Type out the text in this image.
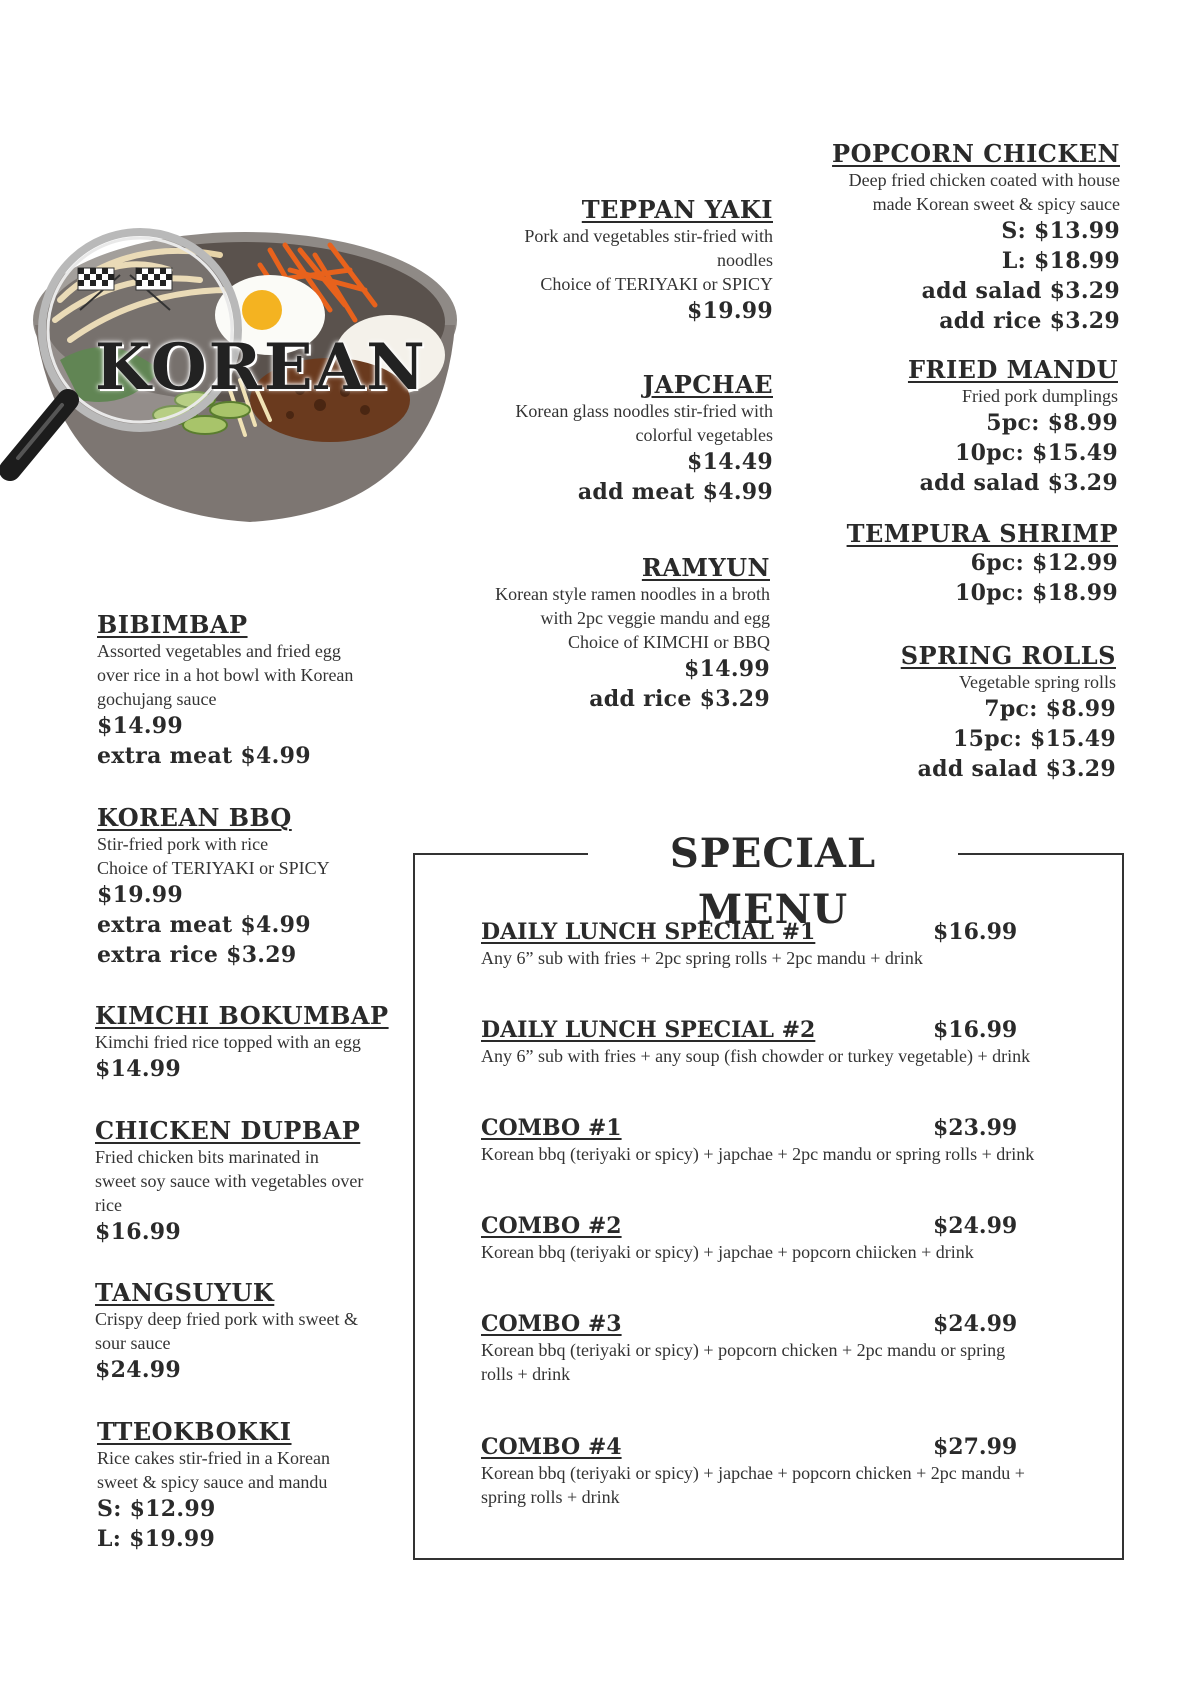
KOREAN
POPCORN CHICKEN
Deep fried chicken coated with house
made Korean sweet & spicy sauce
S: $13.99
L: $18.99
add salad $3.29
add rice $3.29
FRIED MANDU
Fried pork dumplings
5pc: $8.99
10pc: $15.49
add salad $3.29
TEMPURA SHRIMP
6pc: $12.99
10pc: $18.99
SPRING ROLLS
Vegetable spring rolls
7pc: $8.99
15pc: $15.49
add salad $3.29
TEPPAN YAKI
Pork and vegetables stir-fried with
noodles
Choice of TERIYAKI or SPICY
$19.99
JAPCHAE
Korean glass noodles stir-fried with
colorful vegetables
$14.49
add meat $4.99
RAMYUN
Korean style ramen noodles in a broth
with 2pc veggie mandu and egg
Choice of KIMCHI or BBQ
$14.99
add rice $3.29
BIBIMBAP
Assorted vegetables and fried egg
over rice in a hot bowl with Korean
gochujang sauce
$14.99
extra meat $4.99
KOREAN BBQ
Stir-fried pork with rice
Choice of TERIYAKI or SPICY
$19.99
extra meat $4.99
extra rice $3.29
KIMCHI BOKUMBAP
Kimchi fried rice topped with an egg
$14.99
CHICKEN DUPBAP
Fried chicken bits marinated in
sweet soy sauce with vegetables over
rice
$16.99
TANGSUYUK
Crispy deep fried pork with sweet &
sour sauce
$24.99
TTEOKBOKKI
Rice cakes stir-fried in a Korean
sweet & spicy sauce and mandu
S: $12.99
L: $19.99
SPECIAL MENU
DAILY LUNCH SPECIAL #1	$16.99
Any 6” sub with fries + 2pc spring rolls + 2pc mandu + drink
DAILY LUNCH SPECIAL #2	$16.99
Any 6” sub with fries + any soup (fish chowder or turkey vegetable) + drink
COMBO #1	$23.99
Korean bbq (teriyaki or spicy) + japchae + 2pc mandu or spring rolls + drink
COMBO #2	$24.99
Korean bbq (teriyaki or spicy) + japchae + popcorn chiicken + drink
COMBO #3	$24.99
Korean bbq (teriyaki or spicy) + popcorn chicken + 2pc mandu or spring
rolls + drink
COMBO #4	$27.99
Korean bbq (teriyaki or spicy) + japchae + popcorn chicken + 2pc mandu +
spring rolls + drink
